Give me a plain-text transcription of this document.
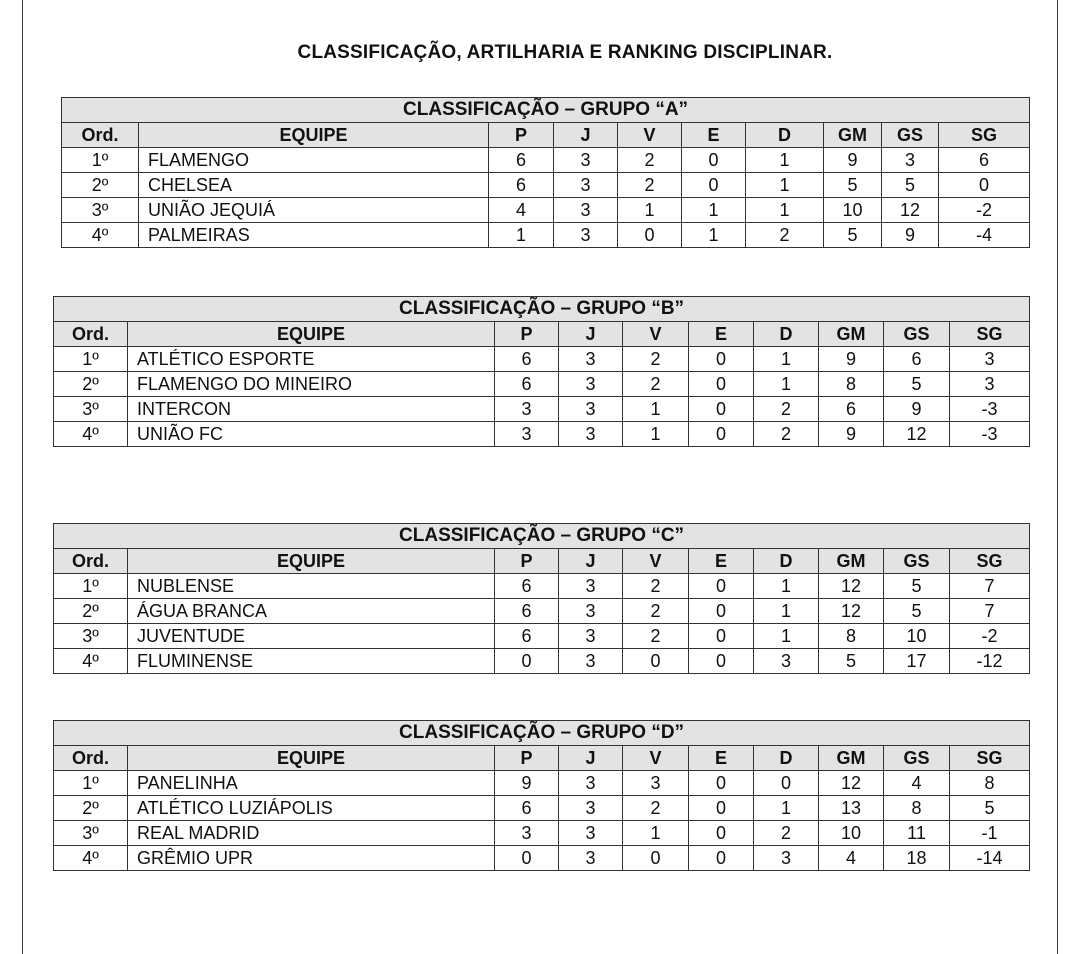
CLASSIFICAÇÃO, ARTILHARIA E RANKING DISCIPLINAR.
CLASSIFICAÇÃO – GRUPO “A”									
Ord.	EQUIPE	P	J	V	E	D	GM	GS	SG
1º	FLAMENGO	6	3	2	0	1	9	3	6
2º	CHELSEA	6	3	2	0	1	5	5	0
3º	UNIÃO JEQUIÁ	4	3	1	1	1	10	12	-2
4º	PALMEIRAS	1	3	0	1	2	5	9	-4
CLASSIFICAÇÃO – GRUPO “B”									
Ord.	EQUIPE	P	J	V	E	D	GM	GS	SG
1º	ATLÉTICO ESPORTE	6	3	2	0	1	9	6	3
2º	FLAMENGO DO MINEIRO	6	3	2	0	1	8	5	3
3º	INTERCON	3	3	1	0	2	6	9	-3
4º	UNIÃO FC	3	3	1	0	2	9	12	-3
CLASSIFICAÇÃO – GRUPO “C”									
Ord.	EQUIPE	P	J	V	E	D	GM	GS	SG
1º	NUBLENSE	6	3	2	0	1	12	5	7
2º	ÁGUA BRANCA	6	3	2	0	1	12	5	7
3º	JUVENTUDE	6	3	2	0	1	8	10	-2
4º	FLUMINENSE	0	3	0	0	3	5	17	-12
CLASSIFICAÇÃO – GRUPO “D”									
Ord.	EQUIPE	P	J	V	E	D	GM	GS	SG
1º	PANELINHA	9	3	3	0	0	12	4	8
2º	ATLÉTICO LUZIÁPOLIS	6	3	2	0	1	13	8	5
3º	REAL MADRID	3	3	1	0	2	10	11	-1
4º	GRÊMIO UPR	0	3	0	0	3	4	18	-14
